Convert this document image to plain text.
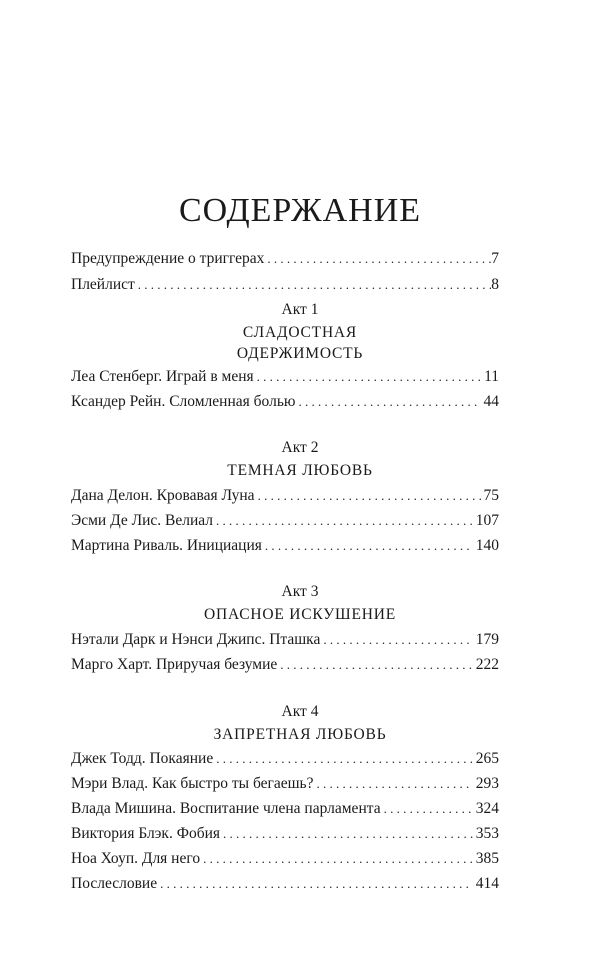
СОДЕРЖАНИЕ
Предупреждение о триггерах . . .	7
Плейлист . . .	8
Акт 1
СЛАДОСТНАЯ
ОДЕРЖИМОСТЬ
Леа Стенберг. Играй в меня . . .	11
Ксандер Рейн. Сломленная болью . . .	44
Акт 2
ТЕМНАЯ ЛЮБОВЬ
Дана Делон. Кровавая Луна . . .	75
Эсми Де Лис. Велиал . . .	107
Мартина Риваль. Инициация . . .	140
Акт 3
ОПАСНОЕ ИСКУШЕНИЕ
Нэтали Дарк и Нэнси Джипс. Пташка . . .	179
Марго Харт. Приручая безумие . . .	222
Акт 4
ЗАПРЕТНАЯ ЛЮБОВЬ
Джек Тодд. Покаяние . . .	265
Мэри Влад. Как быстро ты бегаешь? . . .	293
Влада Мишина. Воспитание члена парламента . . .	324
Виктория Блэк. Фобия . . .	353
Ноа Хоуп. Для него . . .	385
Послесловие . . .	414
